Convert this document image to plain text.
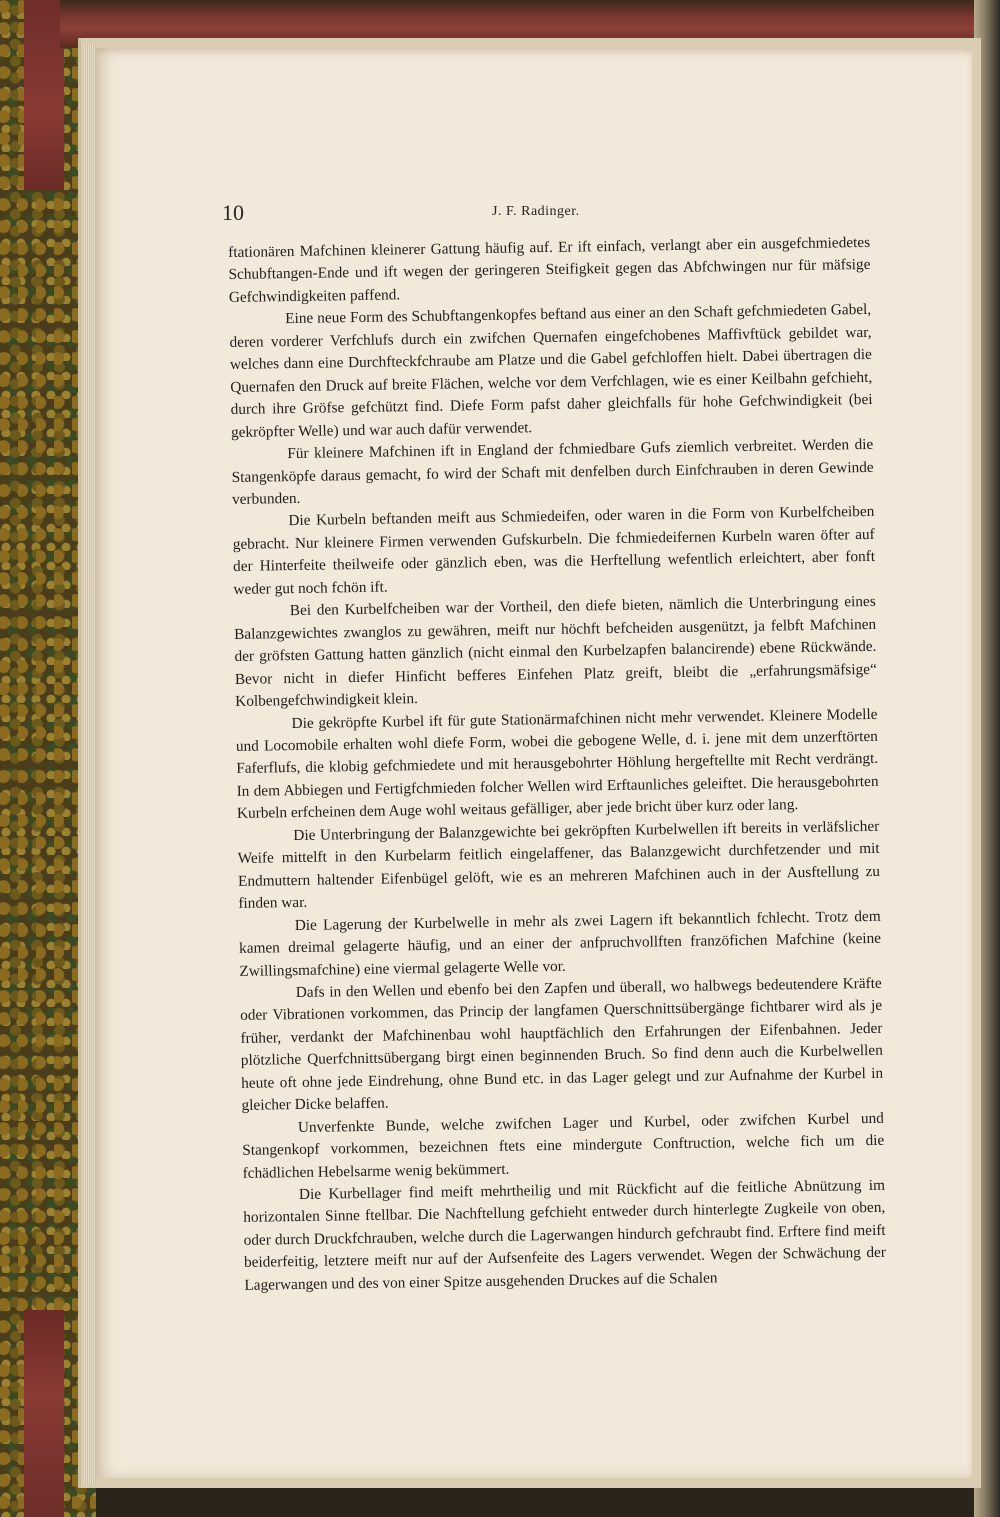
10	J. F. Radinger.

ftationären Mafchinen kleinerer Gattung häufig auf. Er ift einfach, verlangt aber ein ausgefchmiedetes Schubftangen-Ende und ift wegen der geringeren Steifigkeit gegen das Abfchwingen nur für mäfsige Gefchwindigkeiten paffend.

Eine neue Form des Schubftangenkopfes beftand aus einer an den Schaft gefchmiedeten Gabel, deren vorderer Verfchlufs durch ein zwifchen Quernafen eingefchobenes Maffivftück gebildet war, welches dann eine Durchfteckfchraube am Platze und die Gabel gefchloffen hielt. Dabei übertragen die Quernafen den Druck auf breite Flächen, welche vor dem Verfchlagen, wie es einer Keilbahn gefchieht, durch ihre Gröfse gefchützt find. Diefe Form pafst daher gleichfalls für hohe Gefchwindigkeit (bei gekröpfter Welle) und war auch dafür verwendet.

Für kleinere Mafchinen ift in England der fchmiedbare Gufs ziemlich verbreitet. Werden die Stangenköpfe daraus gemacht, fo wird der Schaft mit denfelben durch Einfchrauben in deren Gewinde verbunden.

Die Kurbeln beftanden meift aus Schmiedeifen, oder waren in die Form von Kurbelfcheiben gebracht. Nur kleinere Firmen verwenden Gufskurbeln. Die fchmiedeifernen Kurbeln waren öfter auf der Hinterfeite theilweife oder gänzlich eben, was die Herftellung wefentlich erleichtert, aber fonft weder gut noch fchön ift.

Bei den Kurbelfcheiben war der Vortheil, den diefe bieten, nämlich die Unterbringung eines Balanzgewichtes zwanglos zu gewähren, meift nur höchft befcheiden ausgenützt, ja felbft Mafchinen der gröfsten Gattung hatten gänzlich (nicht einmal den Kurbelzapfen balancirende) ebene Rückwände. Bevor nicht in diefer Hinficht befferes Einfehen Platz greift, bleibt die „erfahrungsmäfsige“ Kolbengefchwindigkeit klein.

Die gekröpfte Kurbel ift für gute Stationärmafchinen nicht mehr verwendet. Kleinere Modelle und Locomobile erhalten wohl diefe Form, wobei die gebogene Welle, d. i. jene mit dem unzerftörten Faferflufs, die klobig gefchmiedete und mit herausgebohrter Höhlung hergeftellte mit Recht verdrängt. In dem Abbiegen und Fertigfchmieden folcher Wellen wird Erftaunliches geleiftet. Die herausgebohrten Kurbeln erfcheinen dem Auge wohl weitaus gefälliger, aber jede bricht über kurz oder lang.

Die Unterbringung der Balanzgewichte bei gekröpften Kurbelwellen ift bereits in verläfslicher Weife mittelft in den Kurbelarm feitlich eingelaffener, das Balanzgewicht durchfetzender und mit Endmuttern haltender Eifenbügel gelöft, wie es an mehreren Mafchinen auch in der Ausftellung zu finden war.

Die Lagerung der Kurbelwelle in mehr als zwei Lagern ift bekanntlich fchlecht. Trotz dem kamen dreimal gelagerte häufig, und an einer der anfpruchvollften franzöfichen Mafchine (keine Zwillingsmafchine) eine viermal gelagerte Welle vor.

Dafs in den Wellen und ebenfo bei den Zapfen und überall, wo halbwegs bedeutendere Kräfte oder Vibrationen vorkommen, das Princip der langfamen Querschnittsübergänge fichtbarer wird als je früher, verdankt der Mafchinenbau wohl hauptfächlich den Erfahrungen der Eifenbahnen. Jeder plötzliche Querfchnittsübergang birgt einen beginnenden Bruch. So find denn auch die Kurbelwellen heute oft ohne jede Eindrehung, ohne Bund etc. in das Lager gelegt und zur Aufnahme der Kurbel in gleicher Dicke belaffen.

Unverfenkte Bunde, welche zwifchen Lager und Kurbel, oder zwifchen Kurbel und Stangenkopf vorkommen, bezeichnen ftets eine mindergute Conftruction, welche fich um die fchädlichen Hebelsarme wenig bekümmert.

Die Kurbellager find meift mehrtheilig und mit Rückficht auf die feitliche Abnützung im horizontalen Sinne ftellbar. Die Nachftellung gefchieht entweder durch hinterlegte Zugkeile von oben, oder durch Druckfchrauben, welche durch die Lagerwangen hindurch gefchraubt find. Erftere find meift beiderfeitig, letztere meift nur auf der Aufsenfeite des Lagers verwendet. Wegen der Schwächung der Lagerwangen und des von einer Spitze ausgehenden Druckes auf die Schalen
